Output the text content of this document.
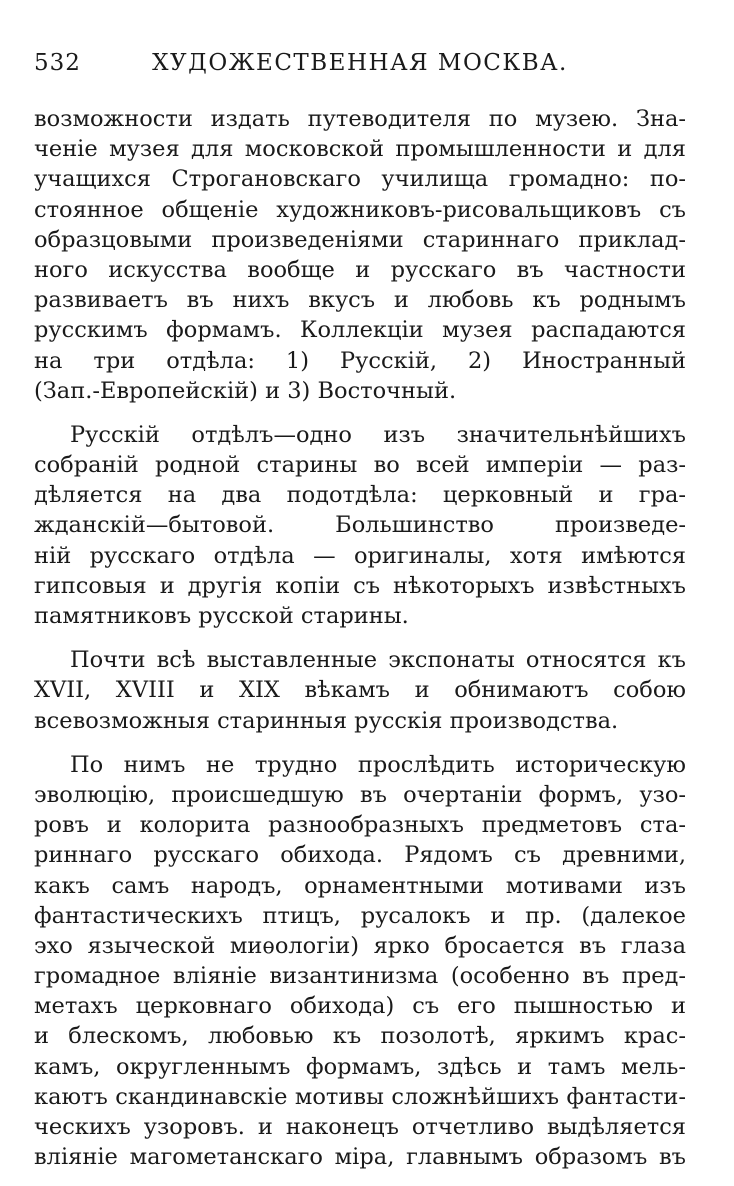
532	ХУДОЖЕСТВЕННАЯ МОСКВА.
возможности издать путеводителя по музею. Зна-
ченіе музея для московской промышленности и для
учащихся Строгановскаго училища громадно: по-
стоянное общеніе художниковъ-рисовальщиковъ съ
образцовыми произведеніями стариннаго приклад-
ного искусства вообще и русскаго въ частности
развиваетъ въ нихъ вкусъ и любовь къ роднымъ
русскимъ формамъ. Коллекціи музея распадаются
на три отдѣла: 1) Русскій, 2) Иностранный
(Зап.-Европейскій) и 3) Восточный.
Русскій отдѣлъ—одно изъ значительнѣйшихъ
собраній родной старины во всей имперіи — раз-
дѣляется на два подотдѣла: церковный и гра-
жданскій—бытовой. Большинство произведе-
ній русскаго отдѣла — оригиналы, хотя имѣются
гипсовыя и другія копіи съ нѣкоторыхъ извѣстныхъ
памятниковъ русской старины.
Почти всѣ выставленные экспонаты относятся къ
XVII, XVIII и XIX вѣкамъ и обнимаютъ собою
всевозможныя старинныя русскія производства.
По нимъ не трудно прослѣдить историческую
эволюцію, происшедшую въ очертаніи формъ, узо-
ровъ и колорита разнообразныхъ предметовъ ста-
риннаго русскаго обихода. Рядомъ съ древними,
какъ самъ народъ, орнаментными мотивами изъ
фантастическихъ птицъ, русалокъ и пр. (далекое
эхо языческой миѳологіи) ярко бросается въ глаза
громадное вліяніе византинизма (особенно въ пред-
метахъ церковнаго обихода) съ его пышностью и
и блескомъ, любовью къ позолотѣ, яркимъ крас-
камъ, округленнымъ формамъ, здѣсь и тамъ мель-
каютъ скандинавскіе мотивы сложнѣйшихъ фантасти-
ческихъ узоровъ. и наконецъ отчетливо выдѣляется
вліяніе магометанскаго міра, главнымъ образомъ въ
